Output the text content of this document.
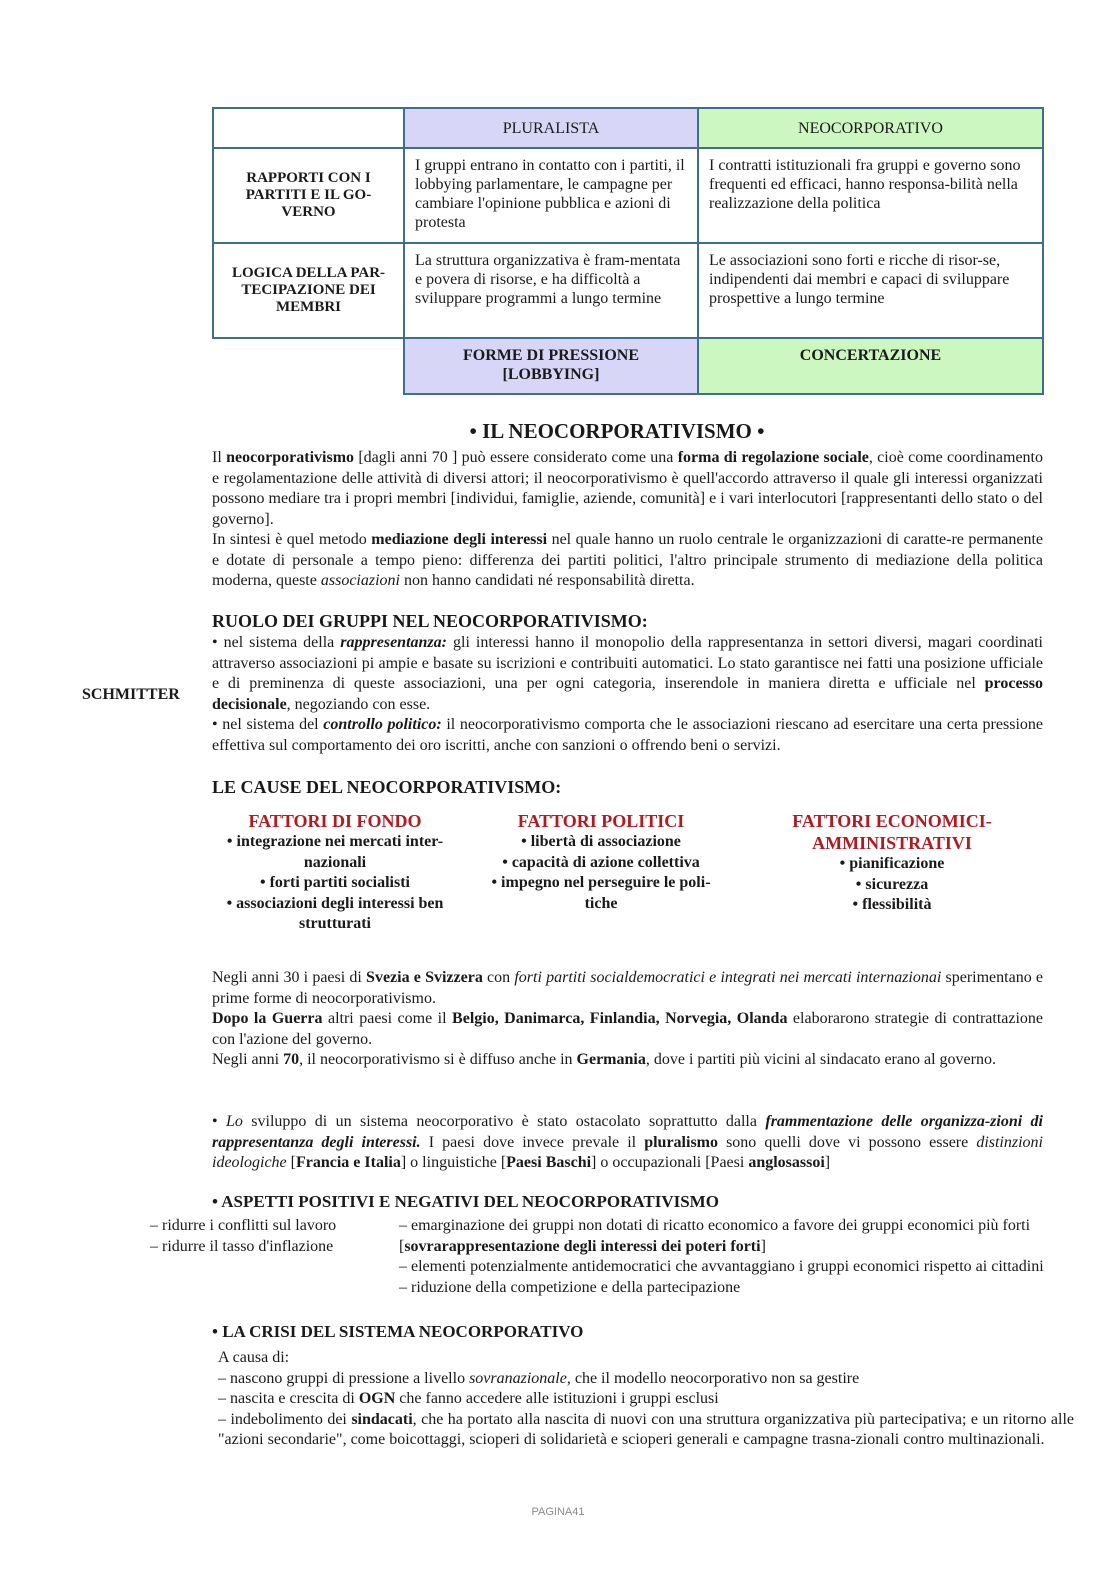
	PLURALISTA	NEOCORPORATIVO
RAPPORTI CON I PARTITI E IL GO-VERNO	I gruppi entrano in contatto con i partiti, il lobbying parlamentare, le campagne per cambiare l'opinione pubblica e azioni di protesta	I contratti istituzionali fra gruppi e governo sono frequenti ed efficaci, hanno responsa-bilità nella realizzazione della politica
LOGICA DELLA PAR-TECIPAZIONE DEI MEMBRI	La struttura organizzativa è fram-mentata e povera di risorse, e ha difficoltà a sviluppare programmi a lungo termine	Le associazioni sono forti e ricche di risor-se, indipendenti dai membri e capaci di sviluppare prospettive a lungo termine
	FORME DI PRESSIONE [LOBBYING]	CONCERTAZIONE
• IL NEOCORPORATIVISMO •

Il neocorporativismo [dagli anni 70 ] può essere considerato come una forma di regolazione sociale, cioè come coordinamento e regolamentazione delle attività di diversi attori; il neocorporativismo è quell'accordo attraverso il quale gli interessi organizzati possono mediare tra i propri membri [individui, famiglie, aziende, comunità] e i vari interlocutori [rappresentanti dello stato o del governo].

In sintesi è quel metodo mediazione degli interessi nel quale hanno un ruolo centrale le organizzazioni di caratte-re permanente e dotate di personale a tempo pieno: differenza dei partiti politici, l'altro principale strumento di mediazione della politica moderna, queste associazioni non hanno candidati né responsabilità diretta.

RUOLO DEI GRUPPI NEL NEOCORPORATIVISMO:
SCHMITTER

• nel sistema della rappresentanza: gli interessi hanno il monopolio della rappresentanza in settori diversi, magari coordinati attraverso associazioni pi ampie e basate su iscrizioni e contribuiti automatici. Lo stato garantisce nei fatti una posizione ufficiale e di preminenza di queste associazioni, una per ogni categoria, inserendole in maniera diretta e ufficiale nel processo decisionale, negoziando con esse.

• nel sistema del controllo politico: il neocorporativismo comporta che le associazioni riescano ad esercitare una certa pressione effettiva sul comportamento dei oro iscritti, anche con sanzioni o offrendo beni o servizi.

LE CAUSE DEL NEOCORPORATIVISMO:
FATTORI DI FONDO
• integrazione nei mercati inter-
nazionali
• forti partiti socialisti
• associazioni degli interessi ben
strutturati
FATTORI POLITICI
• libertà di associazione
• capacità di azione collettiva
• impegno nel perseguire le poli-
tiche
FATTORI ECONOMICI-
AMMINISTRATIVI
• pianificazione
• sicurezza
• flessibilità

Negli anni 30 i paesi di Svezia e Svizzera con forti partiti socialdemocratici e integrati nei mercati internazionai sperimentano e prime forme di neocorporativismo.

Dopo la Guerra altri paesi come il Belgio, Danimarca, Finlandia, Norvegia, Olanda elaborarono strategie di contrattazione con l'azione del governo.

Negli anni 70, il neocorporativismo si è diffuso anche in Germania, dove i partiti più vicini al sindacato erano al governo.

• Lo sviluppo di un sistema neocorporativo è stato ostacolato soprattutto dalla frammentazione delle organizza-zioni di rappresentanza degli interessi. I paesi dove invece prevale il pluralismo sono quelli dove vi possono essere distinzioni ideologiche [Francia e Italia] o linguistiche [Paesi Baschi] o occupazionali [Paesi anglosassoi]
• ASPETTI POSITIVI E NEGATIVI DEL NEOCORPORATIVISMO
– ridurre i conflitti sul lavoro
– ridurre il tasso d'inflazione
– emarginazione dei gruppi non dotati di ricatto economico a favore dei gruppi economici più forti [sovrarappresentazione degli interessi dei poteri forti]
– elementi potenzialmente antidemocratici che avvantaggiano i gruppi economici rispetto ai cittadini
– riduzione della competizione e della partecipazione
• LA CRISI DEL SISTEMA NEOCORPORATIVO
A causa di:
– nascono gruppi di pressione a livello sovranazionale, che il modello neocorporativo non sa gestire
– nascita e crescita di OGN che fanno accedere alle istituzioni i gruppi esclusi
– indebolimento dei sindacati, che ha portato alla nascita di nuovi con una struttura organizzativa più partecipativa; e un ritorno alle "azioni secondarie", come boicottaggi, scioperi di solidarietà e scioperi generali e campagne trasna-zionali contro multinazionali.
PAGINA41
